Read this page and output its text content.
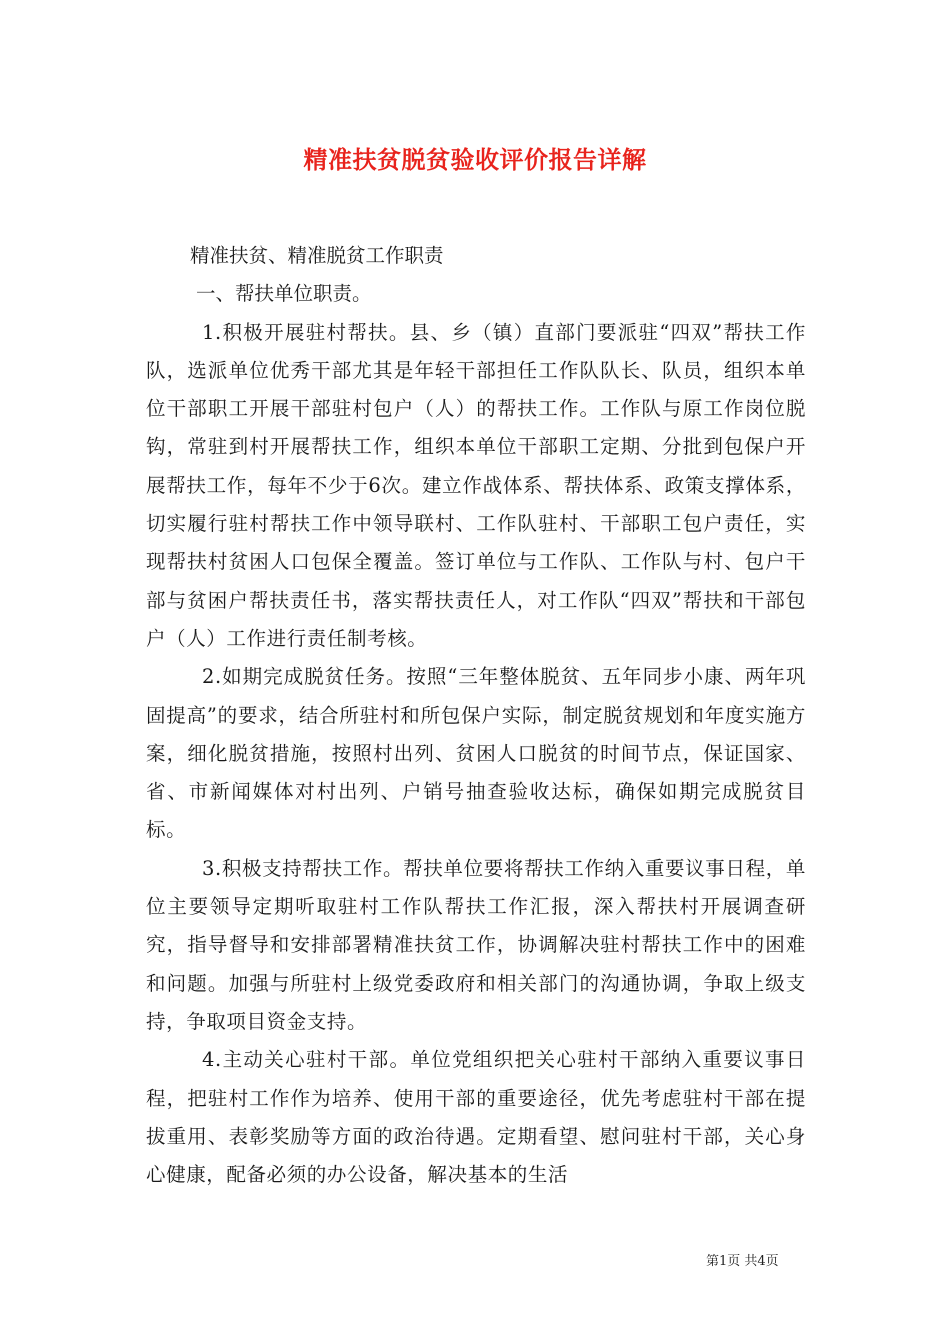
精准扶贫脱贫验收评价报告详解

精准扶贫、精准脱贫工作职责

一、帮扶单位职责。

1.积极开展驻村帮扶。县、乡（镇）直部门要派驻“四双”帮扶工作队，选派单位优秀干部尤其是年轻干部担任工作队队长、队员，组织本单位干部职工开展干部驻村包户（人）的帮扶工作。工作队与原工作岗位脱钩，常驻到村开展帮扶工作，组织本单位干部职工定期、分批到包保户开展帮扶工作，每年不少于6次。建立作战体系、帮扶体系、政策支撑体系，切实履行驻村帮扶工作中领导联村、工作队驻村、干部职工包户责任，实现帮扶村贫困人口包保全覆盖。签订单位与工作队、工作队与村、包户干部与贫困户帮扶责任书，落实帮扶责任人，对工作队“四双”帮扶和干部包户（人）工作进行责任制考核。

2.如期完成脱贫任务。按照“三年整体脱贫、五年同步小康、两年巩固提高”的要求，结合所驻村和所包保户实际，制定脱贫规划和年度实施方案，细化脱贫措施，按照村出列、贫困人口脱贫的时间节点，保证国家、省、市新闻媒体对村出列、户销号抽查验收达标，确保如期完成脱贫目标。

3.积极支持帮扶工作。帮扶单位要将帮扶工作纳入重要议事日程，单位主要领导定期听取驻村工作队帮扶工作汇报，深入帮扶村开展调查研究，指导督导和安排部署精准扶贫工作，协调解决驻村帮扶工作中的困难和问题。加强与所驻村上级党委政府和相关部门的沟通协调，争取上级支持，争取项目资金支持。

4.主动关心驻村干部。单位党组织把关心驻村干部纳入重要议事日程，把驻村工作作为培养、使用干部的重要途径，优先考虑驻村干部在提拔重用、表彰奖励等方面的政治待遇。定期看望、慰问驻村干部，关心身心健康，配备必须的办公设备，解决基本的生活

第1页 共4页
